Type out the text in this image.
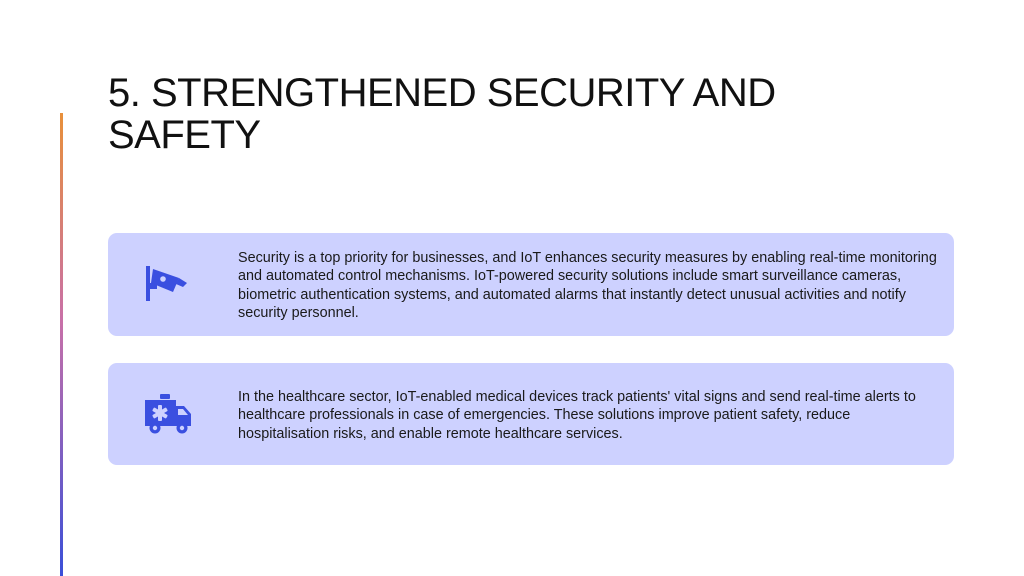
5. STRENGTHENED SECURITY AND SAFETY

Security is a top priority for businesses, and IoT enhances security measures by enabling real-time monitoring and automated control mechanisms. IoT-powered security solutions include smart surveillance cameras, biometric authentication systems, and automated alarms that instantly detect unusual activities and notify security personnel.

In the healthcare sector, IoT-enabled medical devices track patients' vital signs and send real-time alerts to healthcare professionals in case of emergencies. These solutions improve patient safety, reduce hospitalisation risks, and enable remote healthcare services.
